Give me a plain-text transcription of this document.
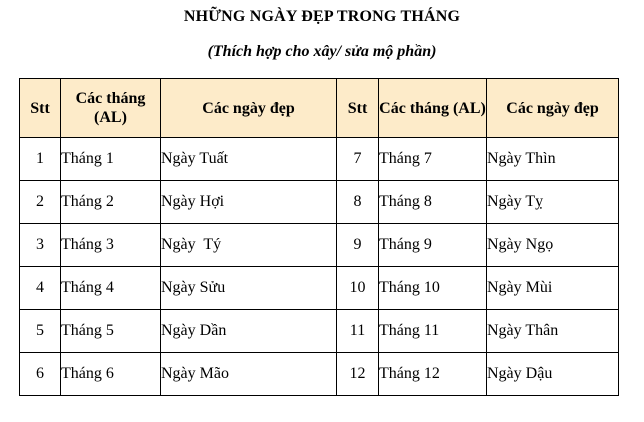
NHỮNG NGÀY ĐẸP TRONG THÁNG
(Thích hợp cho xây/ sửa mộ phần)
Stt	Các tháng (AL)	Các ngày đẹp	Stt	Các tháng (AL)	Các ngày đẹp
1	Tháng 1	Ngày Tuất	7	Tháng 7	Ngày Thìn
2	Tháng 2	Ngày Hợi	8	Tháng 8	Ngày Tỵ
3	Tháng 3	Ngày  Tý	9	Tháng 9	Ngày Ngọ
4	Tháng 4	Ngày Sửu	10	Tháng 10	Ngày Mùi
5	Tháng 5	Ngày Dần	11	Tháng 11	Ngày Thân
6	Tháng 6	Ngày Mão	12	Tháng 12	Ngày Dậu
